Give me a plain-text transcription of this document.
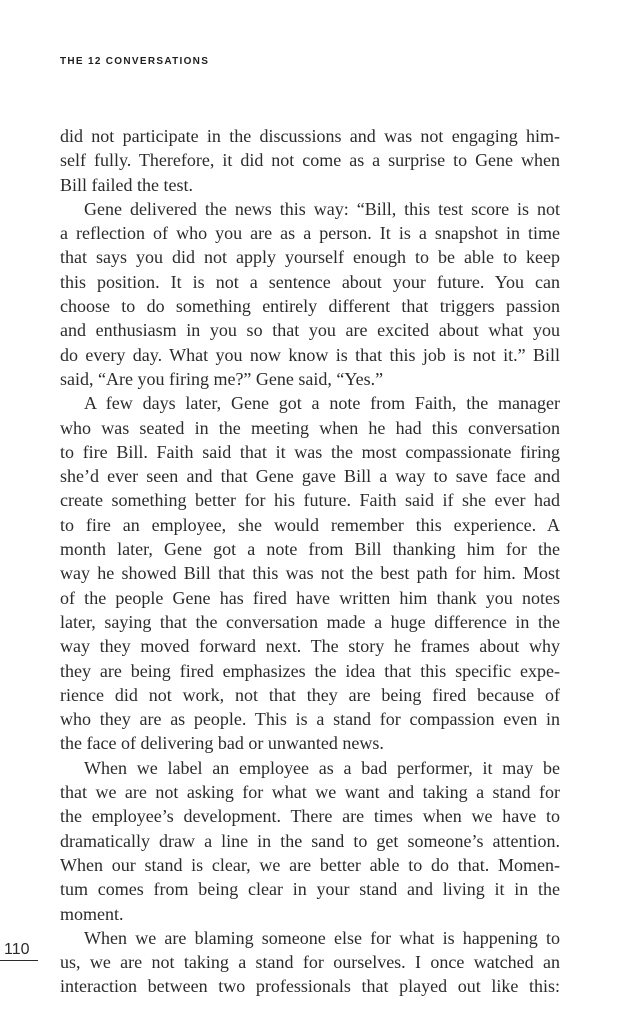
THE 12 CONVERSATIONS
did not participate in the discussions and was not engaging him-
self fully. Therefore, it did not come as a surprise to Gene when
Bill failed the test.
Gene delivered the news this way: “Bill, this test score is not
a reflection of who you are as a person. It is a snapshot in time
that says you did not apply yourself enough to be able to keep
this position. It is not a sentence about your future. You can
choose to do something entirely different that triggers passion
and enthusiasm in you so that you are excited about what you
do every day. What you now know is that this job is not it.” Bill
said, “Are you firing me?” Gene said, “Yes.”
A few days later, Gene got a note from Faith, the manager
who was seated in the meeting when he had this conversation
to fire Bill. Faith said that it was the most compassionate firing
she’d ever seen and that Gene gave Bill a way to save face and
create something better for his future. Faith said if she ever had
to fire an employee, she would remember this experience. A
month later, Gene got a note from Bill thanking him for the
way he showed Bill that this was not the best path for him. Most
of the people Gene has fired have written him thank you notes
later, saying that the conversation made a huge difference in the
way they moved forward next. The story he frames about why
they are being fired emphasizes the idea that this specific expe-
rience did not work, not that they are being fired because of
who they are as people. This is a stand for compassion even in
the face of delivering bad or unwanted news.
When we label an employee as a bad performer, it may be
that we are not asking for what we want and taking a stand for
the employee’s development. There are times when we have to
dramatically draw a line in the sand to get someone’s attention.
When our stand is clear, we are better able to do that. Momen-
tum comes from being clear in your stand and living it in the
moment.
When we are blaming someone else for what is happening to
us, we are not taking a stand for ourselves. I once watched an
interaction between two professionals that played out like this:
110
